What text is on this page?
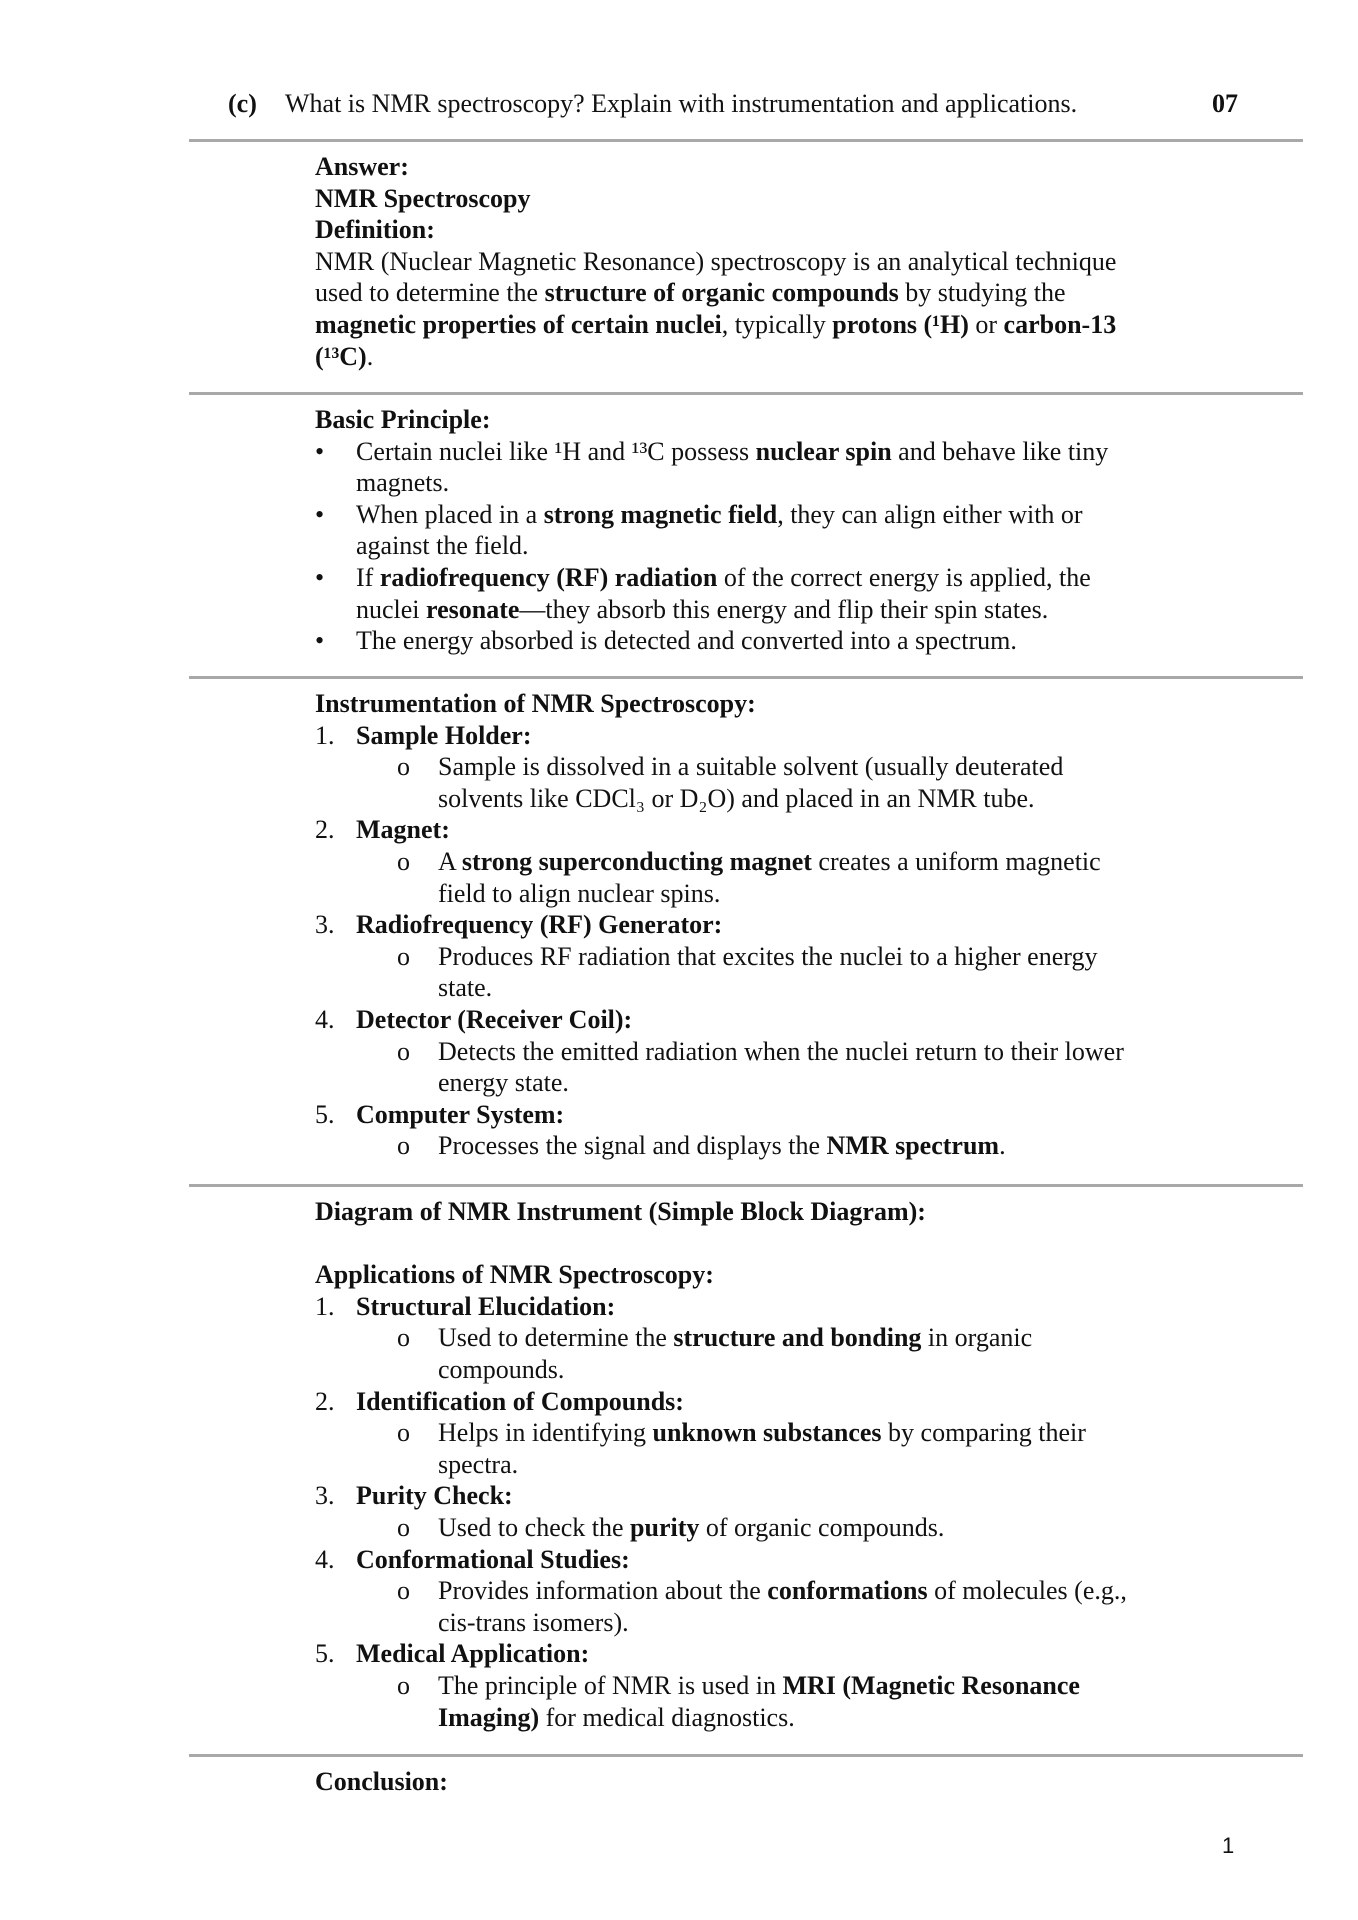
(c) What is NMR spectroscopy? Explain with instrumentation and applications.	07
Answer:
NMR Spectroscopy
Definition:
NMR (Nuclear Magnetic Resonance) spectroscopy is an analytical technique
used to determine the structure of organic compounds by studying the
magnetic properties of certain nuclei, typically protons (¹H) or carbon-13
(¹³C).
Basic Principle:
• Certain nuclei like ¹H and ¹³C possess nuclear spin and behave like tiny
magnets.
• When placed in a strong magnetic field, they can align either with or
against the field.
• If radiofrequency (RF) radiation of the correct energy is applied, the
nuclei resonate—they absorb this energy and flip their spin states.
• The energy absorbed is detected and converted into a spectrum.
Instrumentation of NMR Spectroscopy:
1. Sample Holder:
o Sample is dissolved in a suitable solvent (usually deuterated
solvents like CDCl₃ or D₂O) and placed in an NMR tube.
2. Magnet:
o A strong superconducting magnet creates a uniform magnetic
field to align nuclear spins.
3. Radiofrequency (RF) Generator:
o Produces RF radiation that excites the nuclei to a higher energy
state.
4. Detector (Receiver Coil):
o Detects the emitted radiation when the nuclei return to their lower
energy state.
5. Computer System:
o Processes the signal and displays the NMR spectrum.
Diagram of NMR Instrument (Simple Block Diagram):
Applications of NMR Spectroscopy:
1. Structural Elucidation:
o Used to determine the structure and bonding in organic
compounds.
2. Identification of Compounds:
o Helps in identifying unknown substances by comparing their
spectra.
3. Purity Check:
o Used to check the purity of organic compounds.
4. Conformational Studies:
o Provides information about the conformations of molecules (e.g.,
cis-trans isomers).
5. Medical Application:
o The principle of NMR is used in MRI (Magnetic Resonance
Imaging) for medical diagnostics.
Conclusion:
1
